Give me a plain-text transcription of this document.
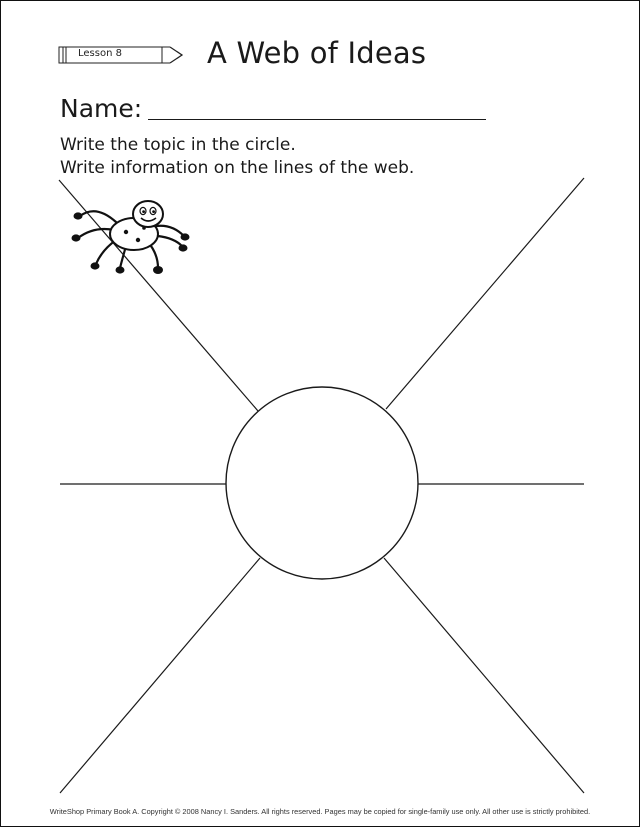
Lesson 8	A Web of Ideas
Name:
Write the topic in the circle.
Write information on the lines of the web.
WriteShop Primary Book A. Copyright © 2008 Nancy I. Sanders. All rights reserved. Pages may be copied for single-family use only. All other use is strictly prohibited.
